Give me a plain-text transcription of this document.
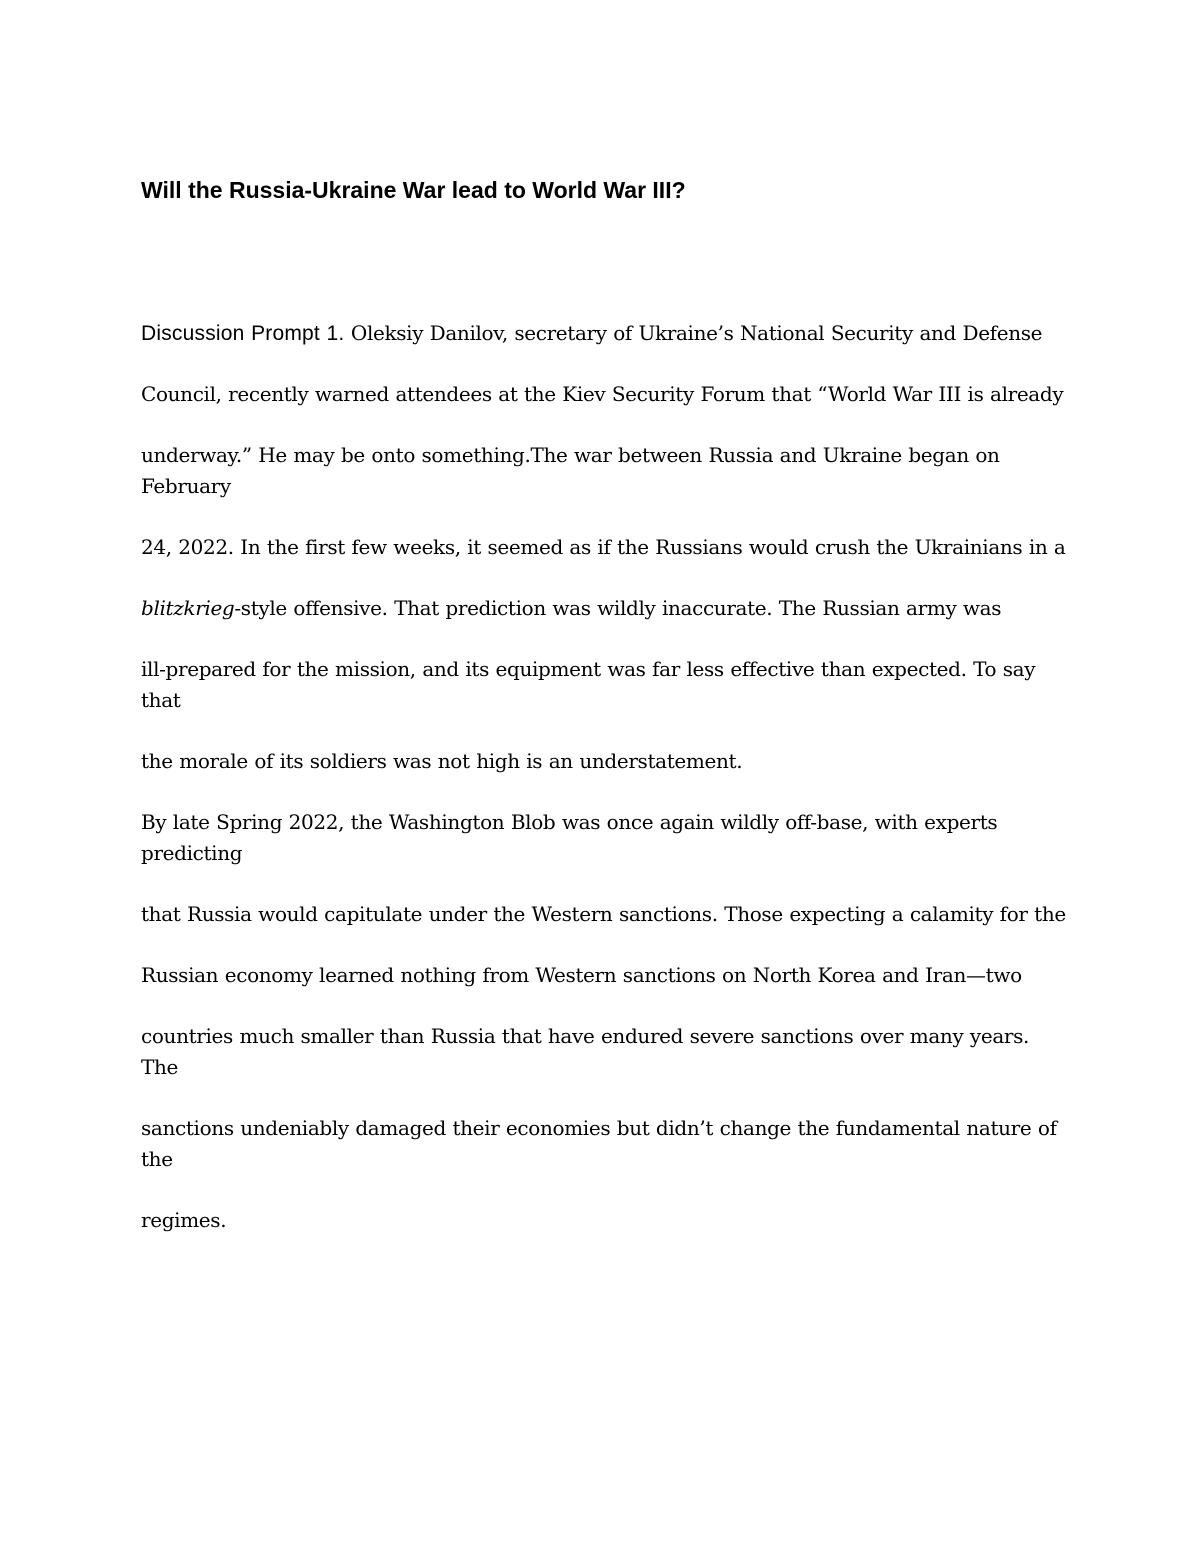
Will the Russia-Ukraine War lead to World War III?

Discussion Prompt 1. Oleksiy Danilov, secretary of Ukraine’s National Security and Defense

Council, recently warned attendees at the Kiev Security Forum that “World War III is already

underway.” He may be onto something.The war between Russia and Ukraine began on February

24, 2022. In the first few weeks, it seemed as if the Russians would crush the Ukrainians in a

blitzkrieg-style offensive. That prediction was wildly inaccurate. The Russian army was

ill-prepared for the mission, and its equipment was far less effective than expected. To say that

the morale of its soldiers was not high is an understatement.

By late Spring 2022, the Washington Blob was once again wildly off-base, with experts predicting

that Russia would capitulate under the Western sanctions. Those expecting a calamity for the

Russian economy learned nothing from Western sanctions on North Korea and Iran—two

countries much smaller than Russia that have endured severe sanctions over many years. The

sanctions undeniably damaged their economies but didn’t change the fundamental nature of the

regimes.
